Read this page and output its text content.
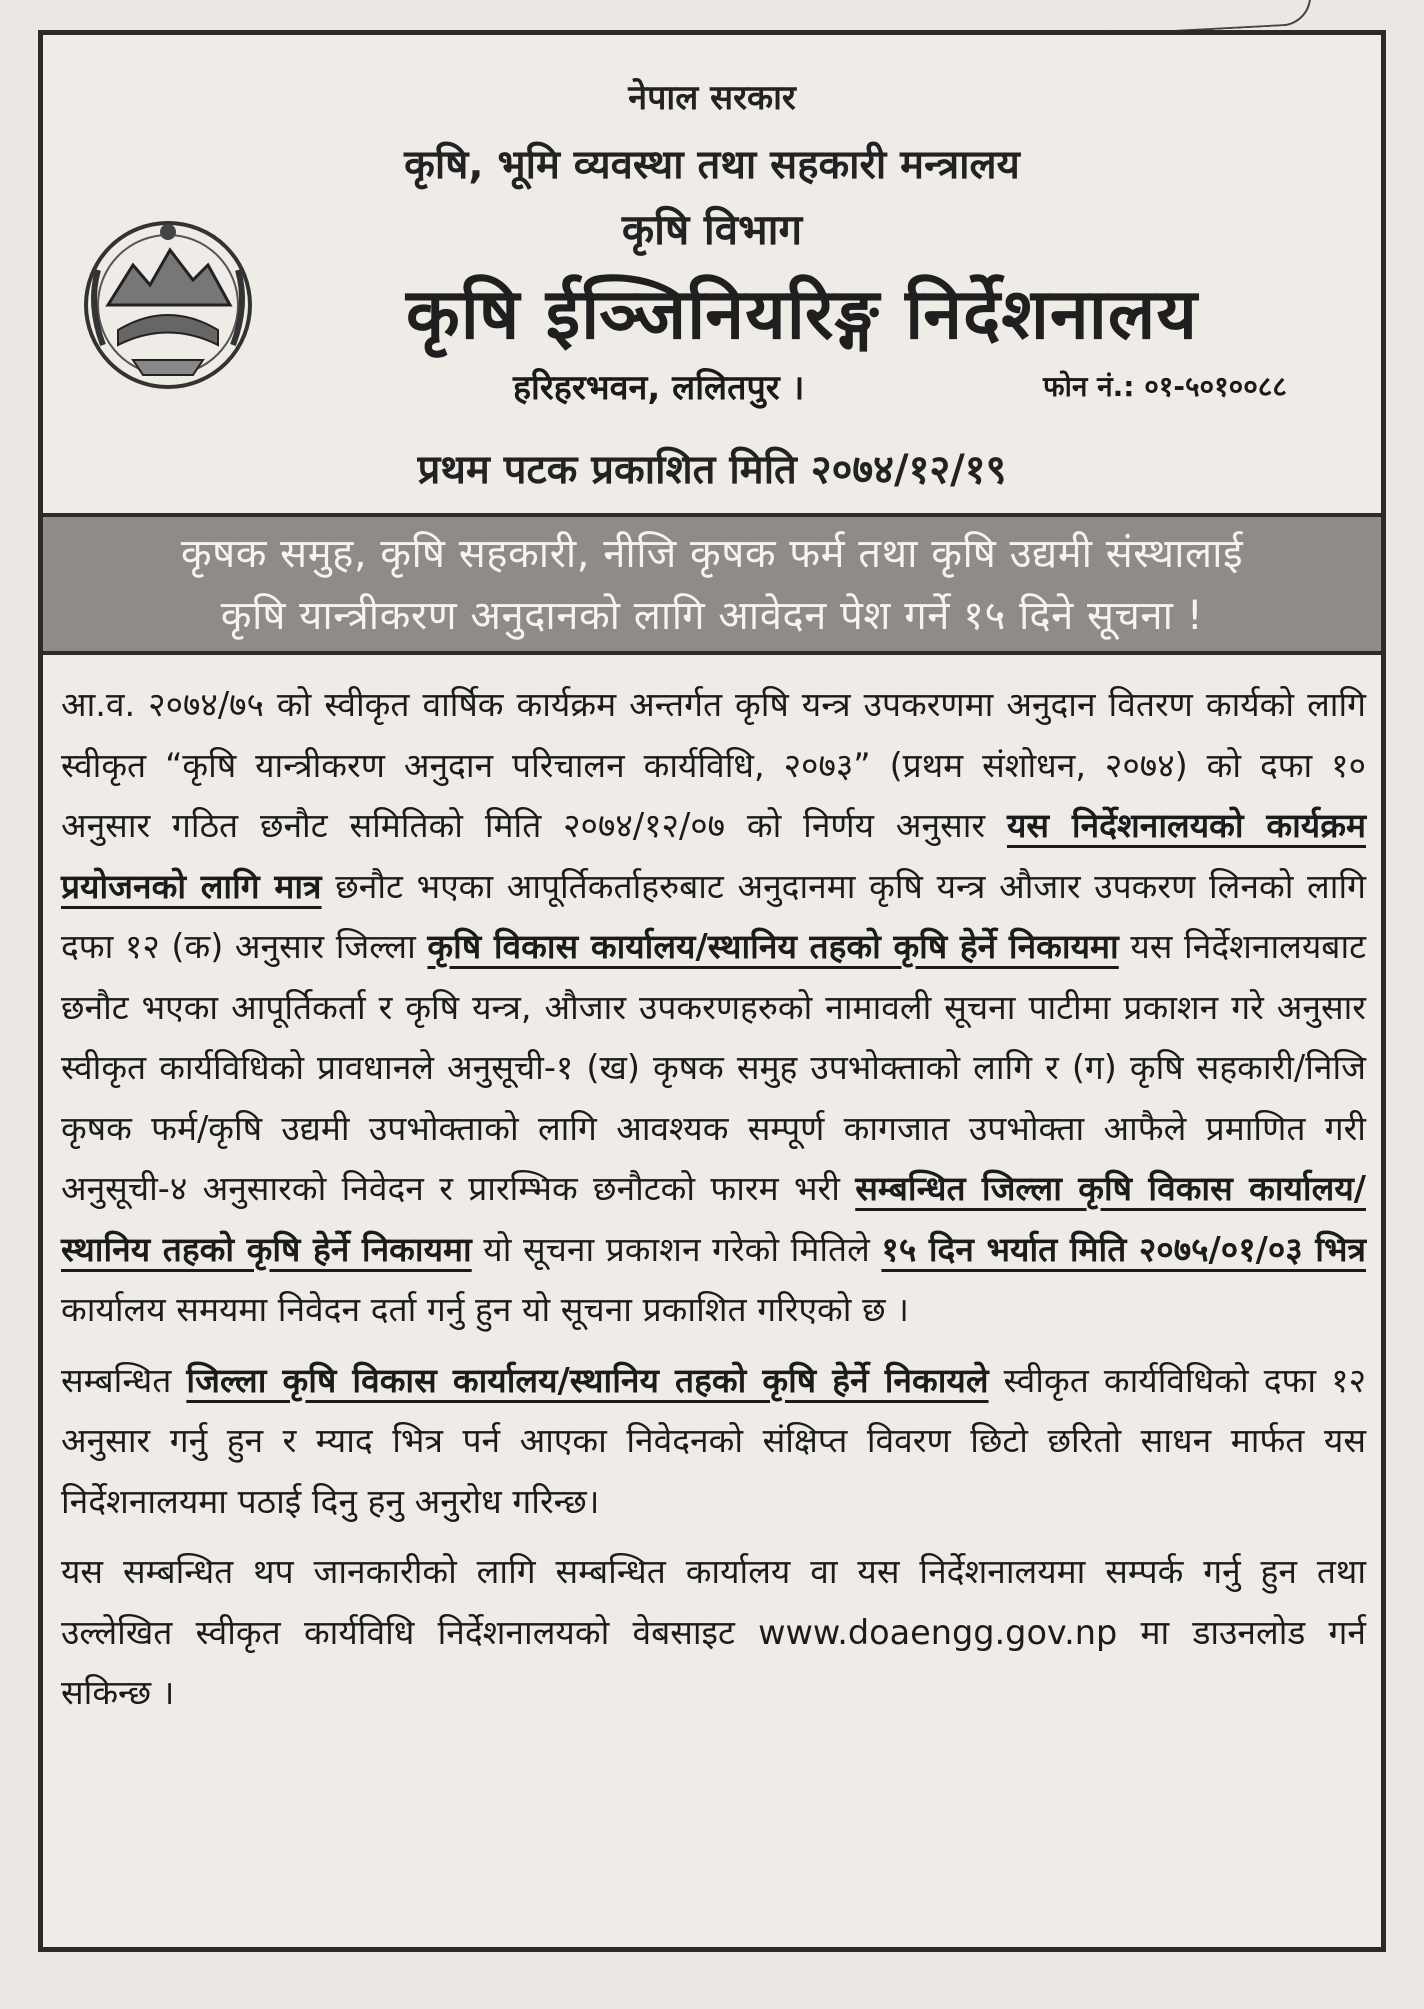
नेपाल सरकार
कृषि, भूमि व्यवस्था तथा सहकारी मन्त्रालय
कृषि विभाग
कृषि ईञ्जिनियरिङ्ग निर्देशनालय
हरिहरभवन, ललितपुर ।	फोन नं.: ०१-५०१००८८
प्रथम पटक प्रकाशित मिति २०७४/१२/१९
कृषक समुह, कृषि सहकारी, नीजि कृषक फर्म तथा कृषि उद्यमी संस्थालाई
कृषि यान्त्रीकरण अनुदानको लागि आवेदन पेश गर्ने १५ दिने सूचना !

आ.व. २०७४/७५ को स्वीकृत वार्षिक कार्यक्रम अन्तर्गत कृषि यन्त्र उपकरणमा अनुदान वितरण कार्यको लागि स्वीकृत “कृषि यान्त्रीकरण अनुदान परिचालन कार्यविधि, २०७३” (प्रथम संशोधन, २०७४) को दफा १० अनुसार गठित छनौट समितिको मिति २०७४/१२/०७ को निर्णय अनुसार यस निर्देशनालयको कार्यक्रम प्रयोजनको लागि मात्र छनौट भएका आपूर्तिकर्ताहरुबाट अनुदानमा कृषि यन्त्र औजार उपकरण लिनको लागि दफा १२ (क) अनुसार जिल्ला कृषि विकास कार्यालय/स्थानिय तहको कृषि हेर्ने निकायमा यस निर्देशनालयबाट छनौट भएका आपूर्तिकर्ता र कृषि यन्त्र, औजार उपकरणहरुको नामावली सूचना पाटीमा प्रकाशन गरे अनुसार स्वीकृत कार्यविधिको प्रावधानले अनुसूची-१ (ख) कृषक समुह उपभोक्ताको लागि र (ग) कृषि सहकारी/निजि कृषक फर्म/कृषि उद्यमी उपभोक्ताको लागि आवश्यक सम्पूर्ण कागजात उपभोक्ता आफैले प्रमाणित गरी अनुसूची-४ अनुसारको निवेदन र प्रारम्भिक छनौटको फारम भरी सम्बन्धित जिल्ला कृषि विकास कार्यालय/स्थानिय तहको कृषि हेर्ने निकायमा यो सूचना प्रकाशन गरेको मितिले १५ दिन भर्यात मिति २०७५/०१/०३ भित्र कार्यालय समयमा निवेदन दर्ता गर्नु हुन यो सूचना प्रकाशित गरिएको छ ।

सम्बन्धित जिल्ला कृषि विकास कार्यालय/स्थानिय तहको कृषि हेर्ने निकायले स्वीकृत कार्यविधिको दफा १२ अनुसार गर्नु हुन र म्याद भित्र पर्न आएका निवेदनको संक्षिप्त विवरण छिटो छरितो साधन मार्फत यस निर्देशनालयमा पठाई दिनु हनु अनुरोध गरिन्छ।

यस सम्बन्धित थप जानकारीको लागि सम्बन्धित कार्यालय वा यस निर्देशनालयमा सम्पर्क गर्नु हुन तथा उल्लेखित स्वीकृत कार्यविधि निर्देशनालयको वेबसाइट www.doaengg.gov.np मा डाउनलोड गर्न सकिन्छ ।
